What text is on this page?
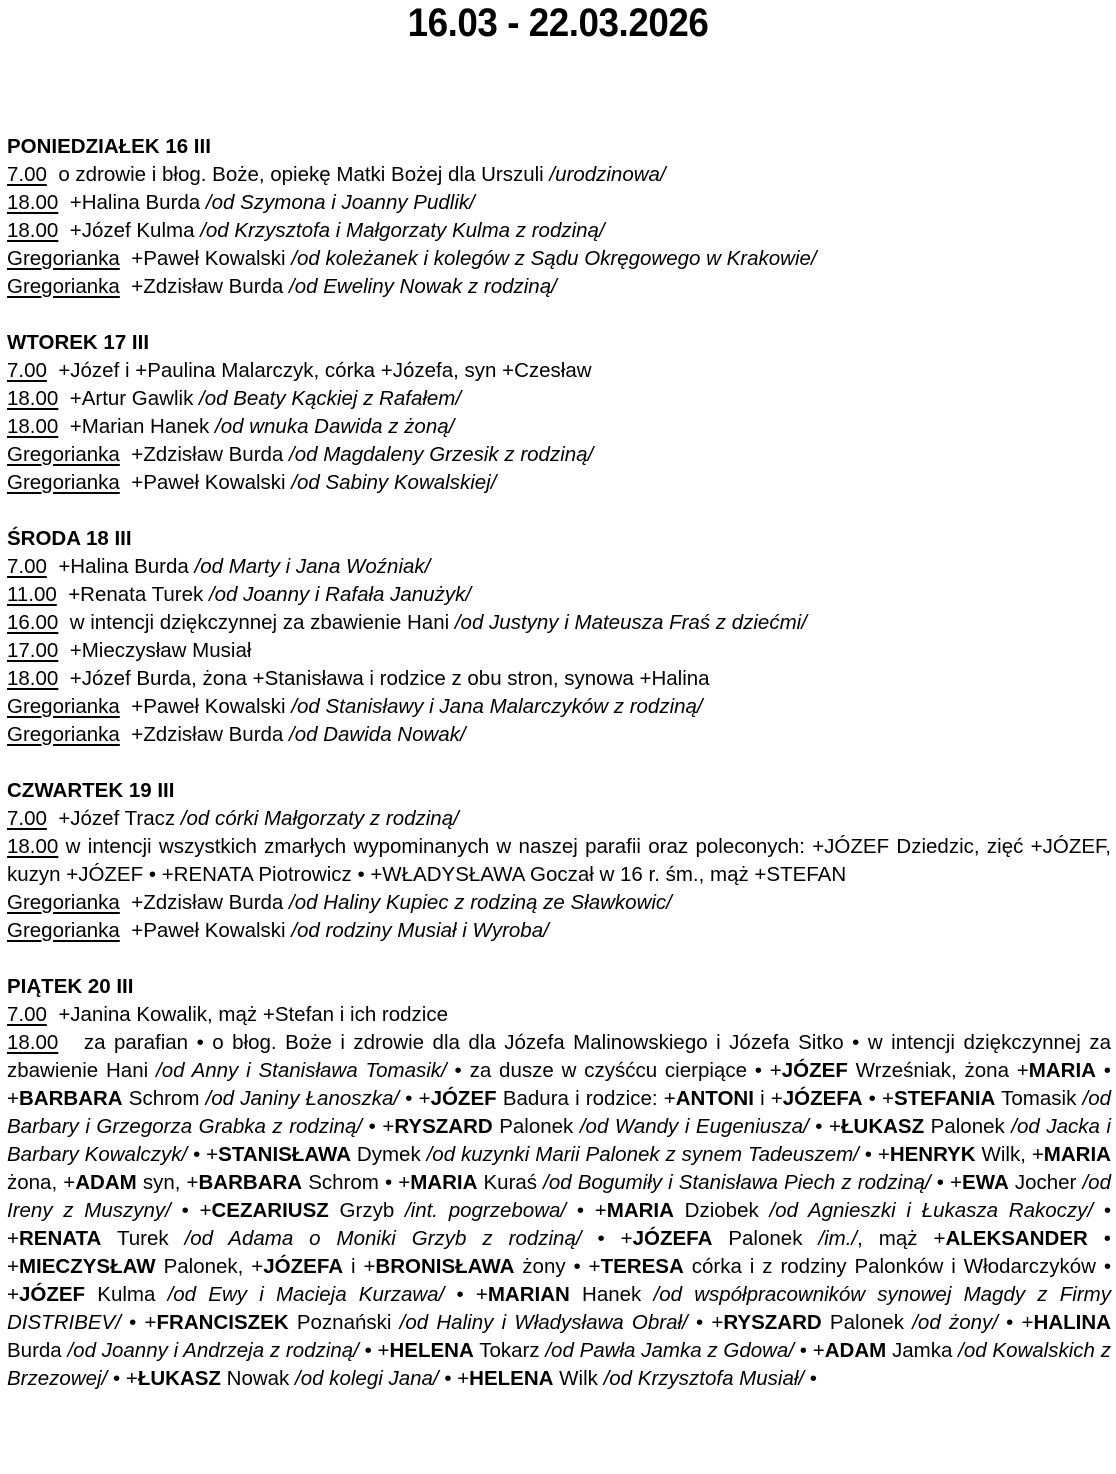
16.03 - 22.03.2026
PONIEDZIAŁEK 16 III
7.00 o zdrowie i błog. Boże, opiekę Matki Bożej dla Urszuli /urodzinowa/
18.00 +Halina Burda /od Szymona i Joanny Pudlik/
18.00 +Józef Kulma /od Krzysztofa i Małgorzaty Kulma z rodziną/
Gregorianka +Paweł Kowalski /od koleżanek i kolegów z Sądu Okręgowego w Krakowie/
Gregorianka +Zdzisław Burda /od Eweliny Nowak z rodziną/
WTOREK 17 III
7.00 +Józef i +Paulina Malarczyk, córka +Józefa, syn +Czesław
18.00 +Artur Gawlik /od Beaty Kąckiej z Rafałem/
18.00 +Marian Hanek /od wnuka Dawida z żoną/
Gregorianka +Zdzisław Burda /od Magdaleny Grzesik z rodziną/
Gregorianka +Paweł Kowalski /od Sabiny Kowalskiej/
ŚRODA 18 III
7.00 +Halina Burda /od Marty i Jana Woźniak/
11.00 +Renata Turek /od Joanny i Rafała Janużyk/
16.00 w intencji dziękczynnej za zbawienie Hani /od Justyny i Mateusza Fraś z dziećmi/
17.00 +Mieczysław Musiał
18.00 +Józef Burda, żona +Stanisława i rodzice z obu stron, synowa +Halina
Gregorianka +Paweł Kowalski /od Stanisławy i Jana Malarczyków z rodziną/
Gregorianka +Zdzisław Burda /od Dawida Nowak/
CZWARTEK 19 III
7.00 +Józef Tracz /od córki Małgorzaty z rodziną/
18.00 w intencji wszystkich zmarłych wypominanych w naszej parafii oraz poleconych: +JÓZEF Dziedzic, zięć +JÓZEF, kuzyn +JÓZEF • +RENATA Piotrowicz • +WŁADYSŁAWA Goczał w 16 r. śm., mąż +STEFAN
Gregorianka +Zdzisław Burda /od Haliny Kupiec z rodziną ze Sławkowic/
Gregorianka +Paweł Kowalski /od rodziny Musiał i Wyroba/
PIĄTEK 20 III
7.00 +Janina Kowalik, mąż +Stefan i ich rodzice
18.00   za parafian • o błog. Boże i zdrowie dla dla Józefa Malinowskiego i Józefa Sitko • w intencji dziękczynnej za zbawienie Hani /od Anny i Stanisława Tomasik/ • za dusze w czyśćcu cierpiące • +JÓZEF Wrześniak, żona +MARIA • +BARBARA Schrom /od Janiny Łanoszka/ • +JÓZEF Badura i rodzice: +ANTONI i +JÓZEFA • +STEFANIA Tomasik /od Barbary i Grzegorza Grabka z rodziną/ • +RYSZARD Palonek /od Wandy i Eugeniusza/ • +ŁUKASZ Palonek /od Jacka i Barbary Kowalczyk/ • +STANISŁAWA Dymek /od kuzynki Marii Palonek z synem Tadeuszem/ • +HENRYK Wilk, +MARIA żona, +ADAM syn, +BARBARA Schrom • +MARIA Kuraś /od Bogumiły i Stanisława Piech z rodziną/ • +EWA Jocher /od Ireny z Muszyny/ • +CEZARIUSZ Grzyb /int. pogrzebowa/ • +MARIA Dziobek /od Agnieszki i Łukasza Rakoczy/ • +RENATA Turek /od Adama o Moniki Grzyb z rodziną/ • +JÓZEFA Palonek /im./, mąż +ALEKSANDER • +MIECZYSŁAW Palonek, +JÓZEFA i +BRONISŁAWA żony • +TERESA córka i z rodziny Palonków i Włodarczyków • +JÓZEF Kulma /od Ewy i Macieja Kurzawa/ • +MARIAN Hanek /od współpracowników synowej Magdy z Firmy DISTRIBEV/ • +FRANCISZEK Poznański /od Haliny i Władysława Obrał/ • +RYSZARD Palonek /od żony/ • +HALINA Burda /od Joanny i Andrzeja z rodziną/ • +HELENA Tokarz /od Pawła Jamka z Gdowa/ • +ADAM Jamka /od Kowalskich z Brzezowej/ • +ŁUKASZ Nowak /od kolegi Jana/ • +HELENA Wilk /od Krzysztofa Musiał/ •
